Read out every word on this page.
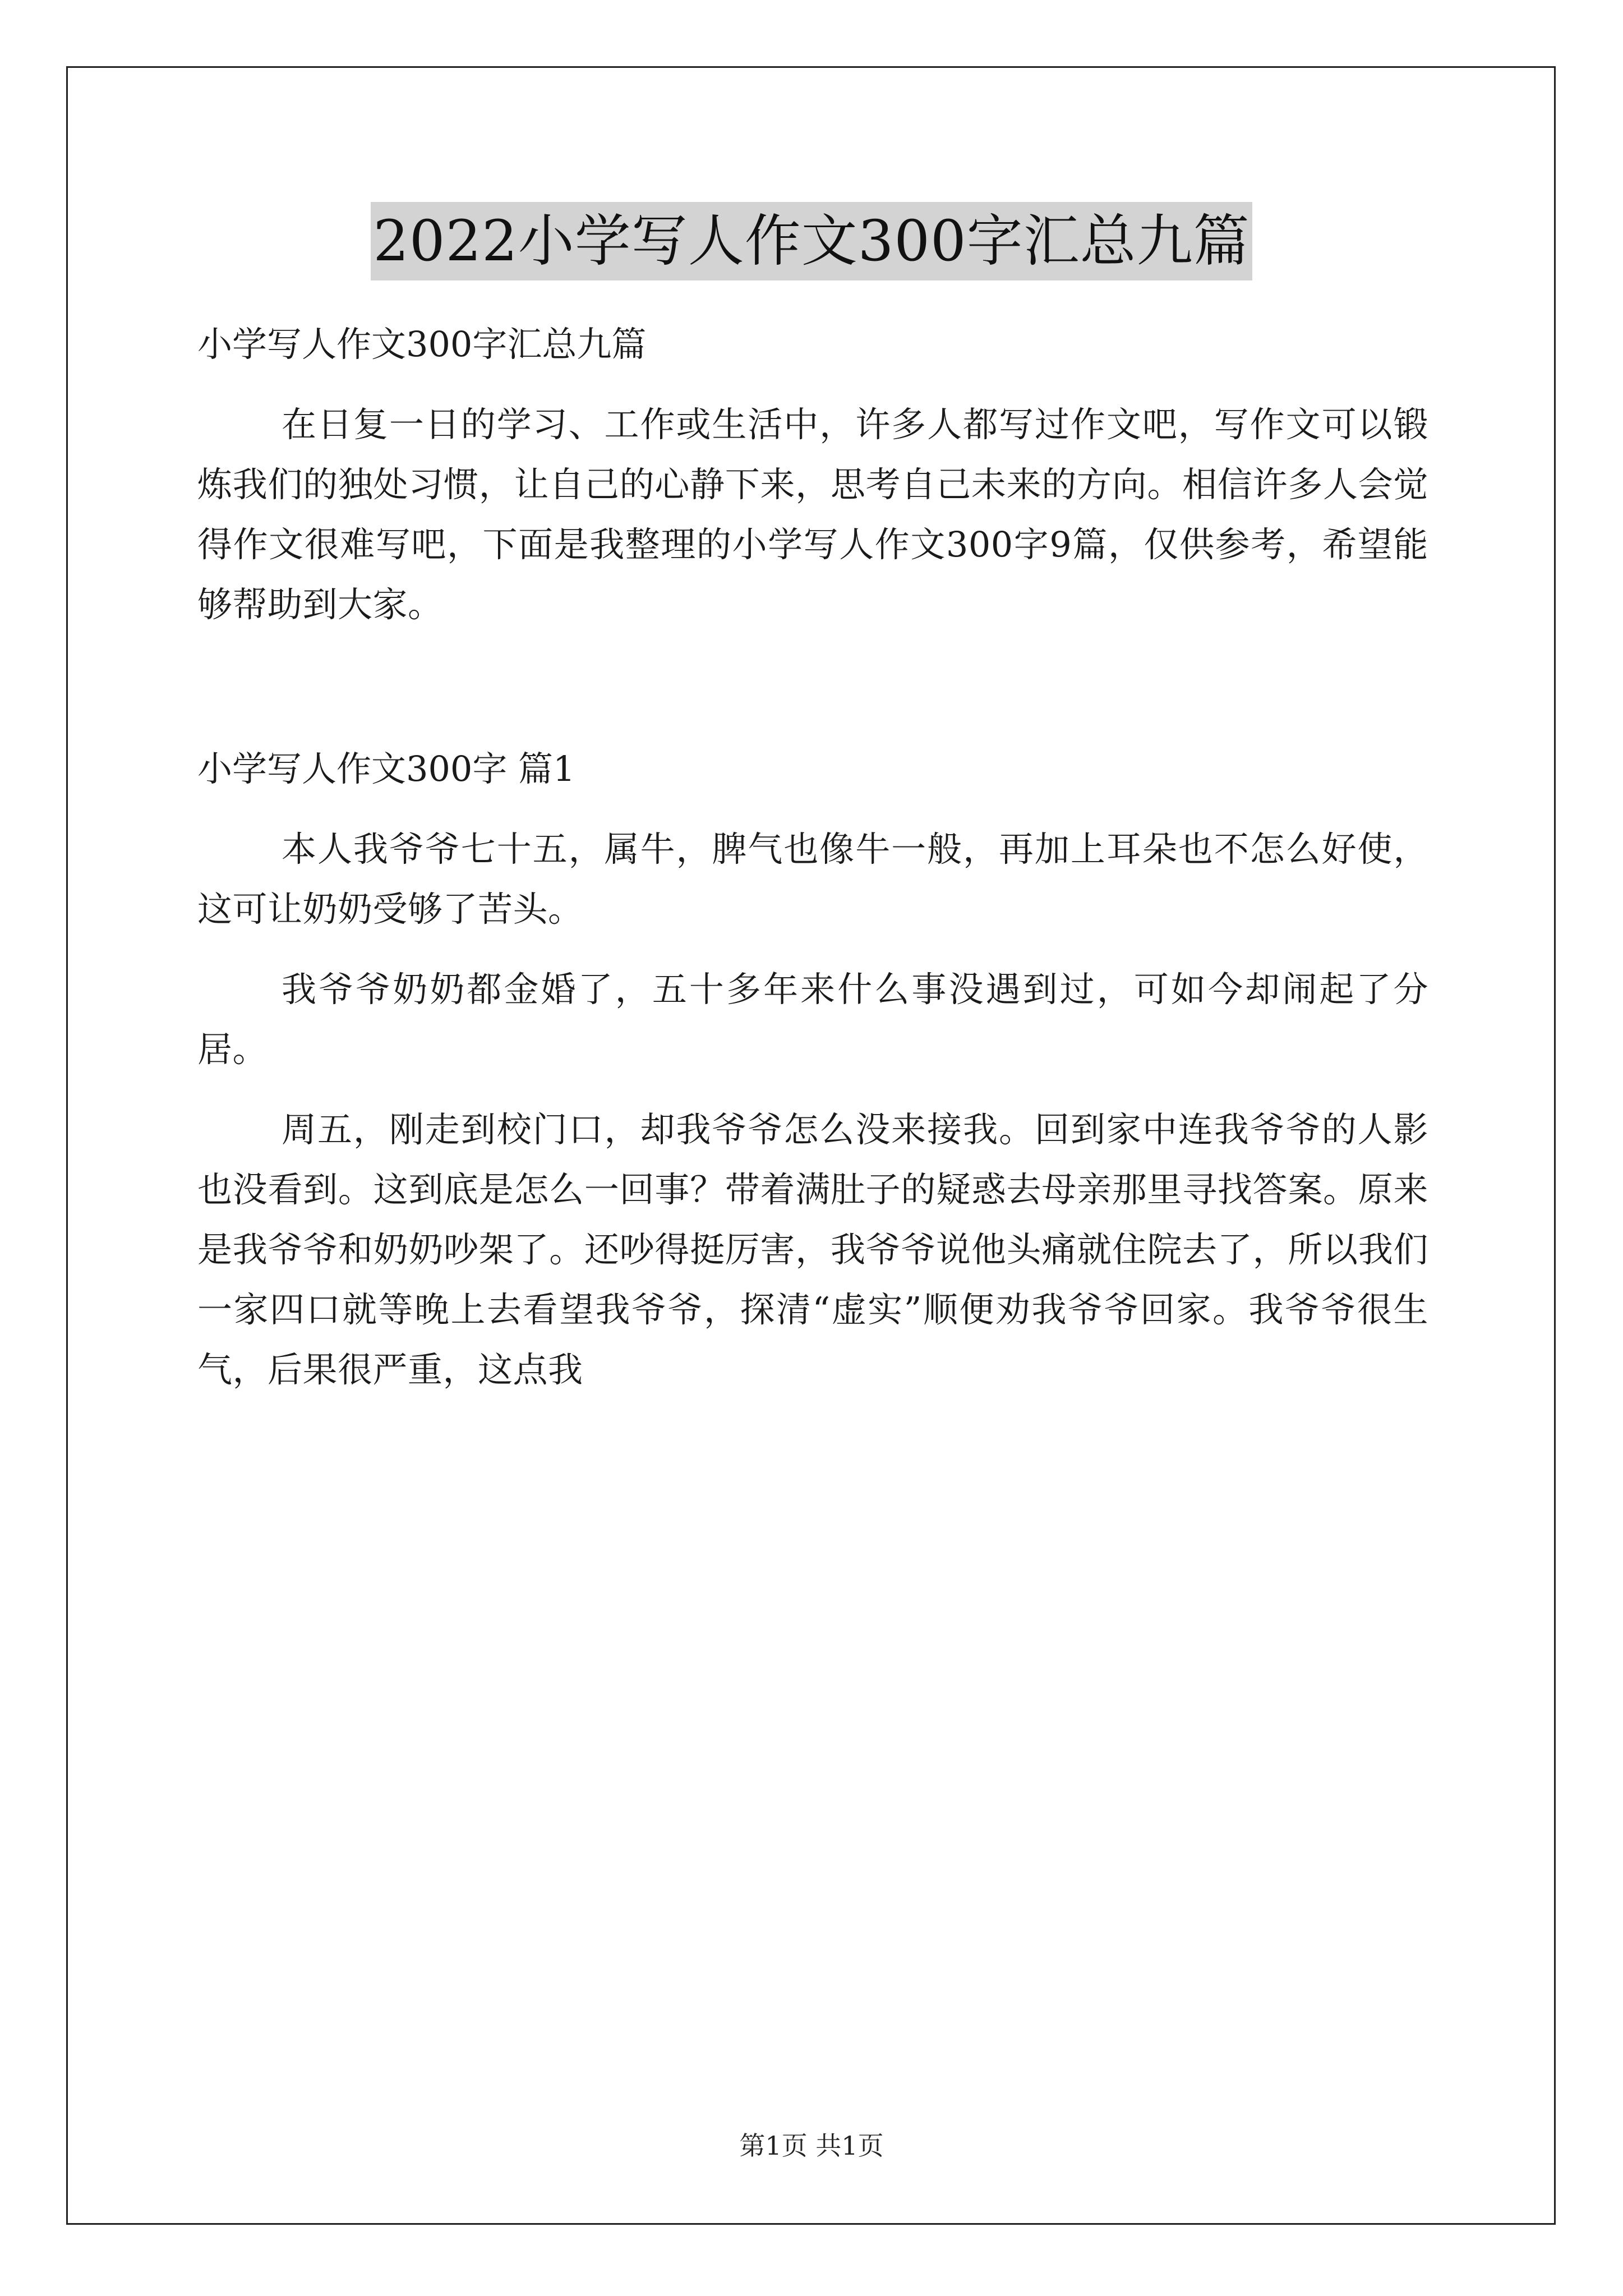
2022小学写人作文300字汇总九篇
小学写人作文300字汇总九篇

在日复一日的学习、工作或生活中，许多人都写过作文吧，写作文可以锻炼我们的独处习惯，让自己的心静下来，思考自己未来的方向。相信许多人会觉得作文很难写吧，下面是我整理的小学写人作文300字9篇，仅供参考，希望能够帮助到大家。

小学写人作文300字 篇1

本人我爷爷七十五，属牛，脾气也像牛一般，再加上耳朵也不怎么好使，这可让奶奶受够了苦头。

我爷爷奶奶都金婚了，五十多年来什么事没遇到过，可如今却闹起了分居。

周五，刚走到校门口，却我爷爷怎么没来接我。回到家中连我爷爷的人影也没看到。这到底是怎么一回事？带着满肚子的疑惑去母亲那里寻找答案。原来是我爷爷和奶奶吵架了。还吵得挺厉害，我爷爷说他头痛就住院去了，所以我们一家四口就等晚上去看望我爷爷，探清“虚实”顺便劝我爷爷回家。我爷爷很生气，后果很严重，这点我

第1页 共1页
